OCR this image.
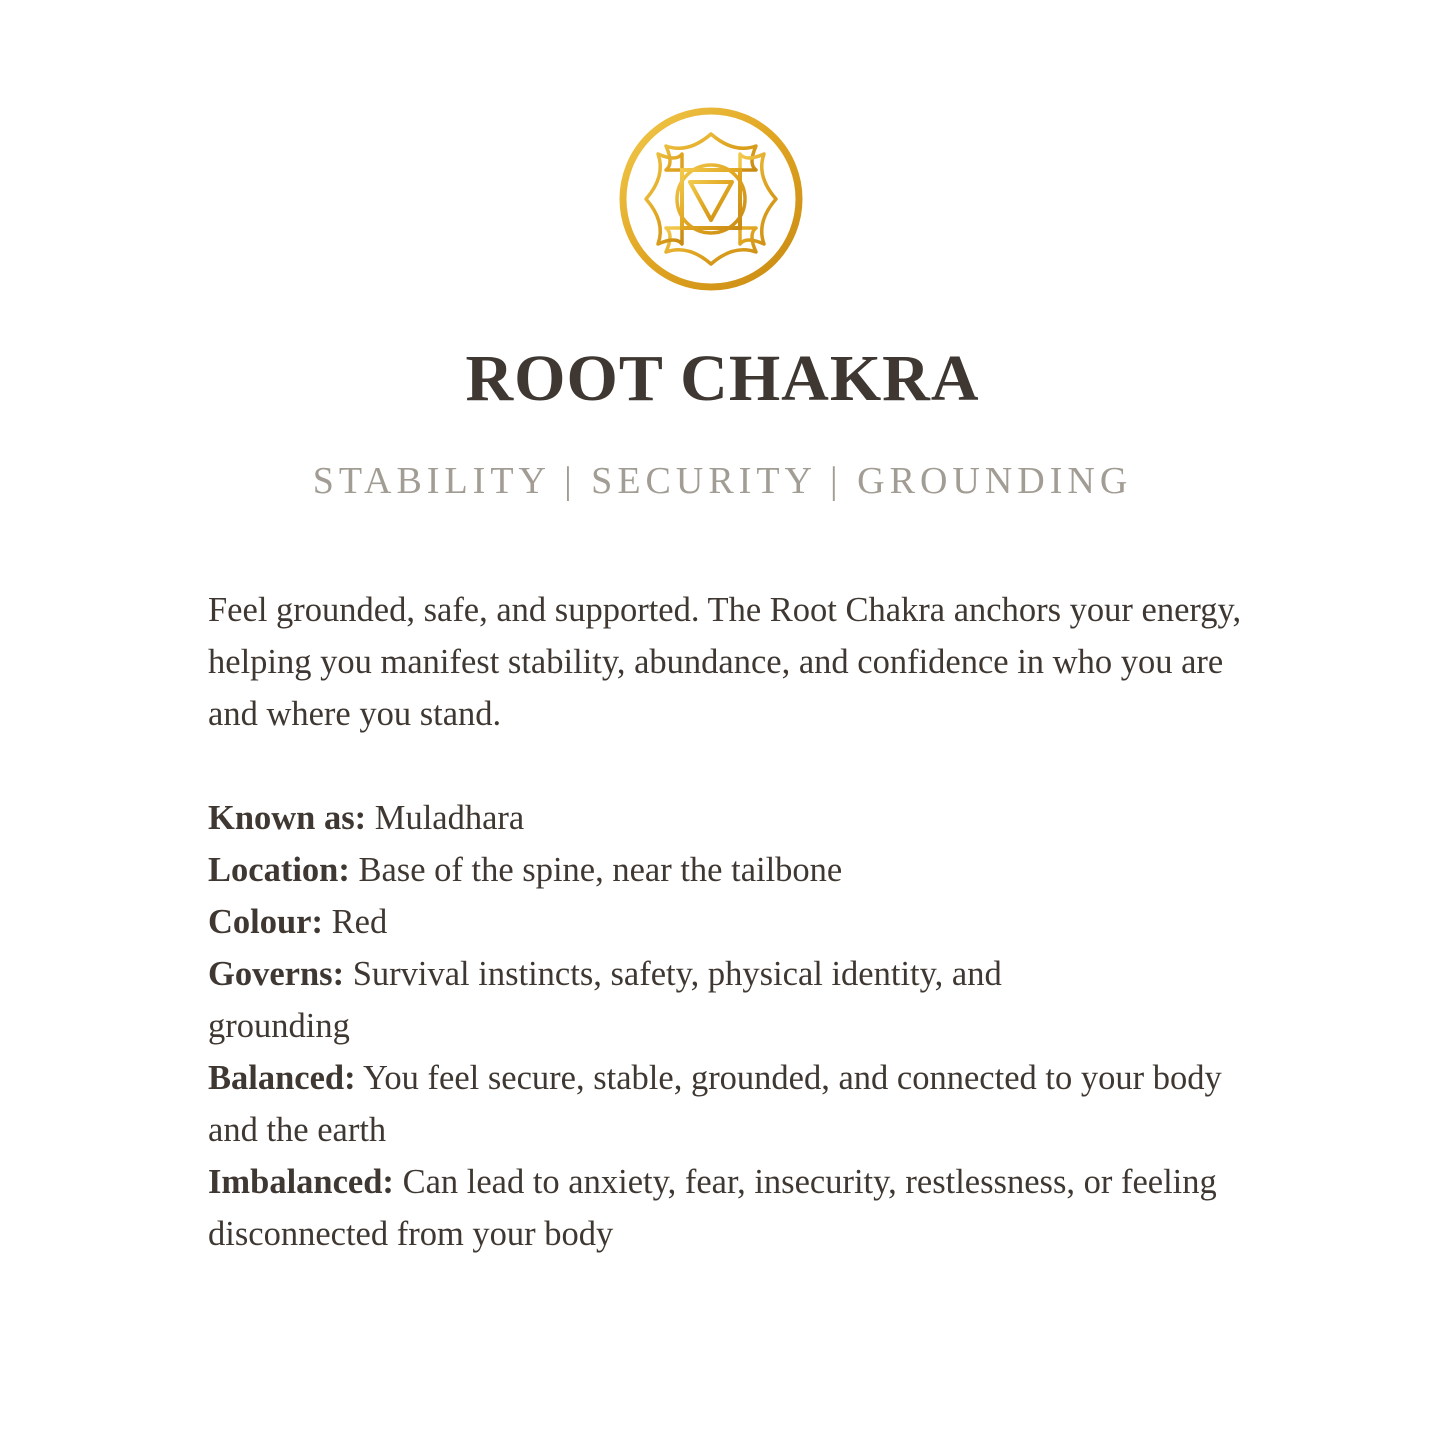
ROOT CHAKRA
STABILITY | SECURITY | GROUNDING

Feel grounded, safe, and supported. The Root Chakra anchors your energy, helping you manifest stability, abundance, and confidence in who you are and where you stand.

Known as: Muladhara

Location: Base of the spine, near the tailbone

Colour: Red

Governs: Survival instincts, safety, physical identity, and grounding

Balanced: You feel secure, stable, grounded, and connected to your body and the earth

Imbalanced: Can lead to anxiety, fear, insecurity, restlessness, or feeling disconnected from your body
